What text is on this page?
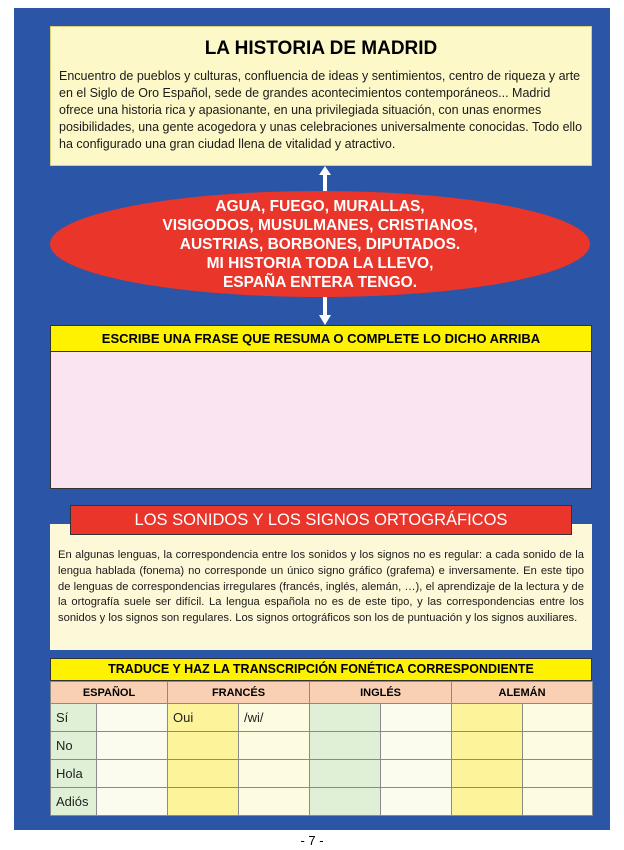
LA HISTORIA DE MADRID
Encuentro de pueblos y culturas, confluencia de ideas y sentimientos, centro de riqueza y arte en el Siglo de Oro Español, sede de grandes acontecimientos contemporáneos... Madrid ofrece una historia rica y apasionante, en una privilegiada situación, con unas enormes posibilidades, una gente acogedora y unas celebraciones universalmente conocidas. Todo ello ha configurado una gran ciudad llena de vitalidad y atractivo.
AGUA, FUEGO, MURALLAS,
VISIGODOS, MUSULMANES, CRISTIANOS,
AUSTRIAS, BORBONES, DIPUTADOS.
MI HISTORIA TODA LA LLEVO,
ESPAÑA ENTERA TENGO.
ESCRIBE UNA FRASE QUE RESUMA O COMPLETE LO DICHO ARRIBA
En algunas lenguas, la correspondencia entre los sonidos y los signos no es regular: a cada sonido de la lengua hablada (fonema) no corresponde un único signo gráfico (grafema) e inversamente. En este tipo de lenguas de correspondencias irregulares (francés, inglés, alemán, …), el aprendizaje de la lectura y de la ortografía suele ser difícil. La lengua española no es de este tipo, y las correspondencias entre los sonidos y los signos son regulares. Los signos ortográficos son los de puntuación y los signos auxiliares.
LOS SONIDOS Y LOS SIGNOS ORTOGRÁFICOS
TRADUCE Y HAZ LA TRANSCRIPCIÓN FONÉTICA CORRESPONDIENTE
ESPAÑOL		FRANCÉS		INGLÉS		ALEMÁN	
Sí		Oui	/wi/				
No							
Hola							
Adiós							
- 7 -
